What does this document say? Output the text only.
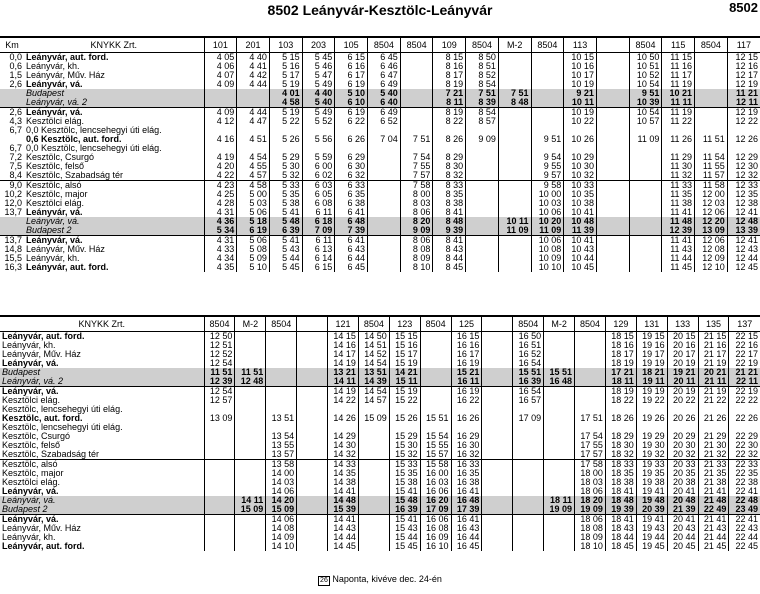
8502 Leányvár-Kesztölc-Leányvár	8502
Km	KNYKK Zrt.		101	201	103	203	105	8504	8504	109	8504	M-2	8504	113		8504	115	8504	117
0,0	Leányvár, aut. ford.		4 05	4 40	5 15	5 45	6 15	6 45		8 15	8 50			10 15		10 50	11 15		12 15
0,6	Leányvár, kh.		4 06	4 41	5 16	5 46	6 16	6 46		8 16	8 51			10 16		10 51	11 16		12 16
1,5	Leányvár, Műv. Ház		4 07	4 42	5 17	5 47	6 17	6 47		8 17	8 52			10 17		10 52	11 17		12 17
2,6	Leányvár, vá.		4 09	4 44	5 19	5 49	6 19	6 49		8 19	8 54			10 19		10 54	11 19		12 19
	Budapest				4 01	4 40	5 10	5 40		7 21	7 51	7 51		9 21		9 51	10 21		11 21
	Leányvár, vá. 2				4 58	5 40	6 10	6 40		8 11	8 39	8 48		10 11		10 39	11 11		12 11
2,6	Leányvár, vá.		4 09	4 44	5 19	5 49	6 19	6 49		8 19	8 54			10 19		10 54	11 19		12 19
4,3	Kesztölci elág.		4 12	4 47	5 22	5 52	6 22	6 52		8 22	8 57			10 22		10 57	11 22		12 22
6,7	0,0 Kesztölc, lencsehegyi úti elág.																		
	0,6 Kesztölc, aut. ford.		4 16	4 51	5 26	5 56	6 26	7 04	7 51	8 26	9 09		9 51	10 26		11 09	11 26	11 51	12 26
6,7	0,0 Kesztölc, lencsehegyi úti elág.																		
7,2	Kesztölc, Csurgó		4 19	4 54	5 29	5 59	6 29		7 54	8 29			9 54	10 29			11 29	11 54	12 29
7,5	Kesztölc, felső		4 20	4 55	5 30	6 00	6 30		7 55	8 30			9 55	10 30			11 30	11 55	12 30
8,4	Kesztölc, Szabadság tér		4 22	4 57	5 32	6 02	6 32		7 57	8 32			9 57	10 32			11 32	11 57	12 32
9,0	Kesztölc, alsó		4 23	4 58	5 33	6 03	6 33		7 58	8 33			9 58	10 33			11 33	11 58	12 33
10,2	Kesztölc, major		4 25	5 00	5 35	6 05	6 35		8 00	8 35			10 00	10 35			11 35	12 00	12 35
12,0	Kesztölci elág.		4 28	5 03	5 38	6 08	6 38		8 03	8 38			10 03	10 38			11 38	12 03	12 38
13,7	Leányvár, vá.		4 31	5 06	5 41	6 11	6 41		8 06	8 41			10 06	10 41			11 41	12 06	12 41
	Leányvár, vá.		4 36	5 18	5 48	6 18	6 48		8 20	8 48		10 11	10 20	10 48			11 48	12 20	12 48
	Budapest 2		5 34	6 19	6 39	7 09	7 39		9 09	9 39		11 09	11 09	11 39			12 39	13 09	13 39
13,7	Leányvár, vá.		4 31	5 06	5 41	6 11	6 41		8 06	8 41			10 06	10 41			11 41	12 06	12 41
14,8	Leányvár, Műv. Ház		4 33	5 08	5 43	6 13	6 43		8 08	8 43			10 08	10 43			11 43	12 08	12 43
15,5	Leányvár, kh.		4 34	5 09	5 44	6 14	6 44		8 09	8 44			10 09	10 44			11 44	12 09	12 44
16,3	Leányvár, aut. ford.		4 35	5 10	5 45	6 15	6 45		8 10	8 45			10 10	10 45			11 45	12 10	12 45
	KNYKK Zrt.		8504	M-2	8504		121	8504	123	8504	125		8504	M-2	8504	129	131	133	135	137
	Leányvár, aut. ford.		12 50				14 15	14 50	15 15		16 15		16 50			18 15	19 15	20 15	21 15	22 15
	Leányvár, kh.		12 51				14 16	14 51	15 16		16 16		16 51			18 16	19 16	20 16	21 16	22 16
	Leányvár, Műv. Ház		12 52				14 17	14 52	15 17		16 17		16 52			18 17	19 17	20 17	21 17	22 17
	Leányvár, vá.		12 54				14 19	14 54	15 19		16 19		16 54			18 19	19 19	20 19	21 19	22 19
	Budapest		11 51	11 51			13 21	13 51	14 21		15 21		15 51	15 51		17 21	18 21	19 21	20 21	21 21
	Leányvár, vá. 2		12 39	12 48			14 11	14 39	15 11		16 11		16 39	16 48		18 11	19 11	20 11	21 11	22 11
	Leányvár, vá.		12 54				14 19	14 54	15 19		16 19		16 54			18 19	19 19	20 19	21 19	22 19
	Kesztölci elág.		12 57				14 22	14 57	15 22		16 22		16 57			18 22	19 22	20 22	21 22	22 22
	Kesztölc, lencsehegyi úti elág.																			
	Kesztölc, aut. ford.		13 09		13 51		14 26	15 09	15 26	15 51	16 26		17 09		17 51	18 26	19 26	20 26	21 26	22 26
	Kesztölc, lencsehegyi úti elág.																			
	Kesztölc, Csurgó				13 54		14 29		15 29	15 54	16 29				17 54	18 29	19 29	20 29	21 29	22 29
	Kesztölc, felső				13 55		14 30		15 30	15 55	16 30				17 55	18 30	19 30	20 30	21 30	22 30
	Kesztölc, Szabadság tér				13 57		14 32		15 32	15 57	16 32				17 57	18 32	19 32	20 32	21 32	22 32
	Kesztölc, alsó				13 58		14 33		15 33	15 58	16 33				17 58	18 33	19 33	20 33	21 33	22 33
	Kesztölc, major				14 00		14 35		15 35	16 00	16 35				18 00	18 35	19 35	20 35	21 35	22 35
	Kesztölci elág.				14 03		14 38		15 38	16 03	16 38				18 03	18 38	19 38	20 38	21 38	22 38
	Leányvár, vá.				14 06		14 41		15 41	16 06	16 41				18 06	18 41	19 41	20 41	21 41	22 41
	Leányvár, vá.			14 11	14 20		14 48		15 48	16 20	16 48			18 11	18 20	18 48	19 48	20 48	21 48	22 48
	Budapest 2			15 09	15 09		15 39		16 39	17 09	17 39			19 09	19 09	19 39	20 39	21 39	22 49	23 49
	Leányvár, vá.				14 06		14 41		15 41	16 06	16 41				18 06	18 41	19 41	20 41	21 41	22 41
	Leányvár, Műv. Ház				14 08		14 43		15 43	16 08	16 43				18 08	18 43	19 43	20 43	21 43	22 43
	Leányvár, kh.				14 09		14 44		15 44	16 09	16 44				18 09	18 44	19 44	20 44	21 44	22 44
	Leányvár, aut. ford.				14 10		14 45		15 45	16 10	16 45				18 10	18 45	19 45	20 45	21 45	22 45
26 Naponta, kivéve dec. 24-én
